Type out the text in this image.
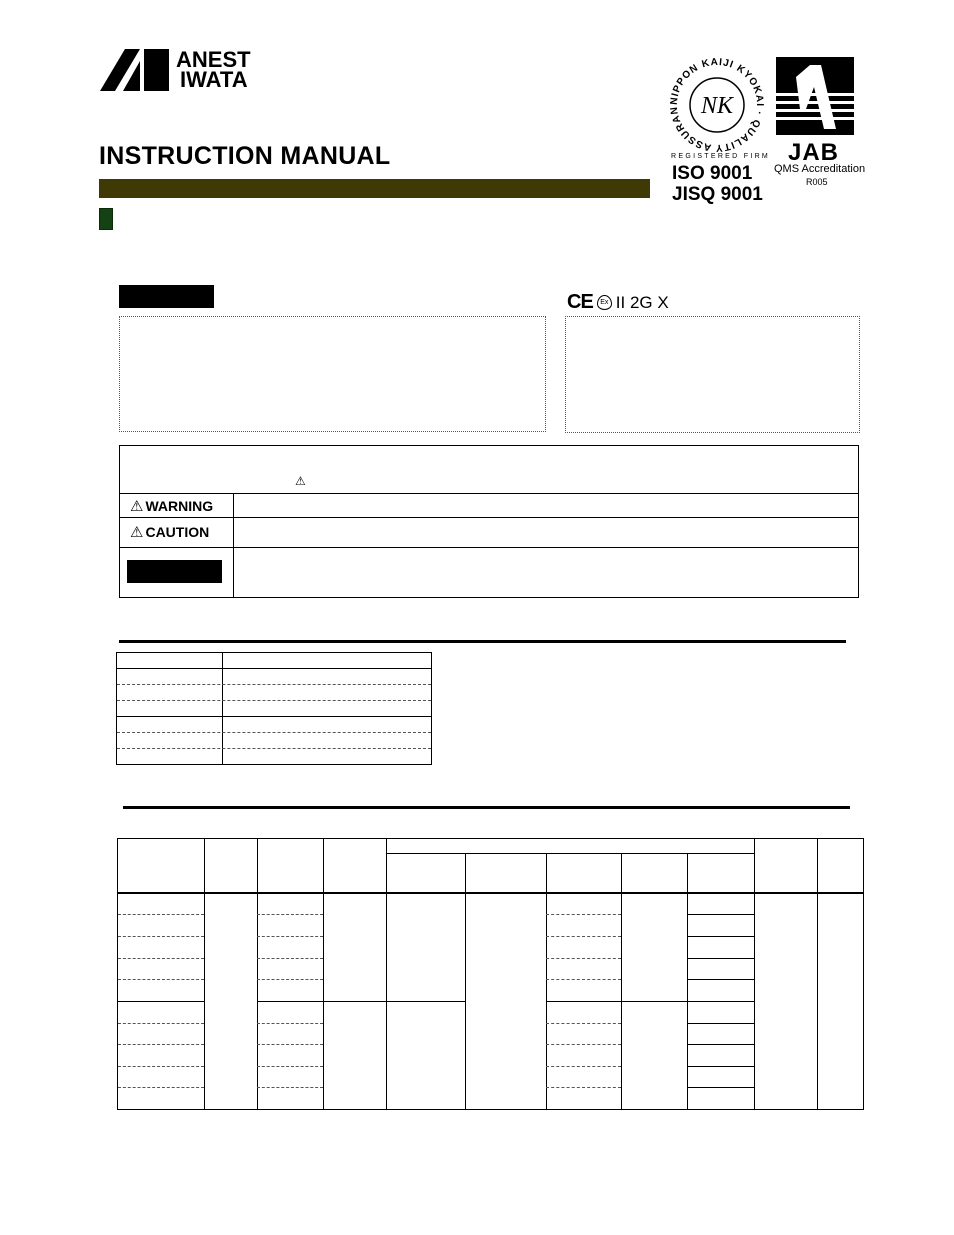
ANEST
IWATA
INSTRUCTION MANUAL
NIPPON KAIJI KYOKAI · QUALITY ASSURAN NK
REGISTERED FIRM
ISO 9001
JISQ 9001
JAB
QMS Accreditation
R005
CE	Ex II 2G X
⚠
⚠ WARNING
⚠ CAUTION
